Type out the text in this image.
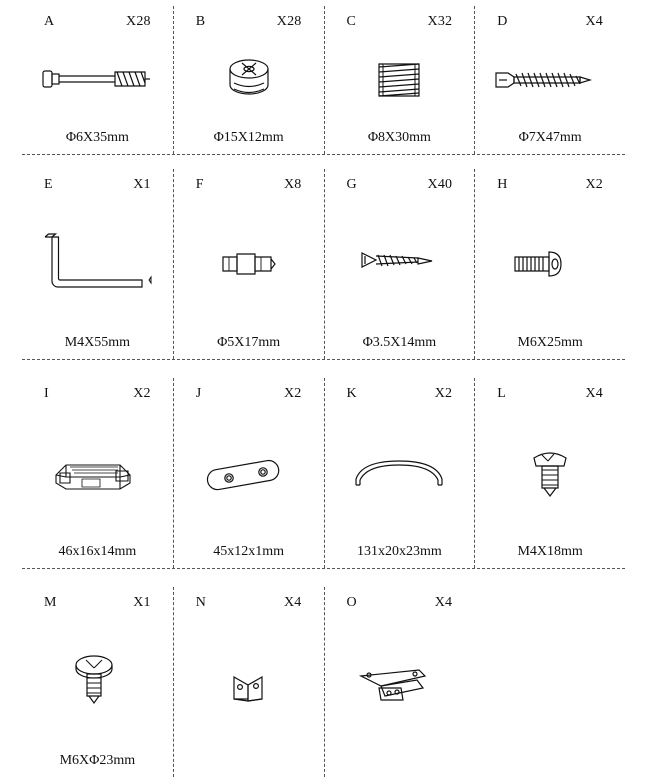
A	X28
Φ6X35mm
B	X28
Φ15X12mm
C	X32
Φ8X30mm
D	X4
Φ7X47mm
E	X1
M4X55mm
F	X8
Φ5X17mm
G	X40
Φ3.5X14mm
H	X2
M6X25mm
I	X2
46x16x14mm
J	X2
45x12x1mm
K	X2
131x20x23mm
L	X4
M4X18mm
M	X1
M6XΦ23mm
N	X4	O	X4
